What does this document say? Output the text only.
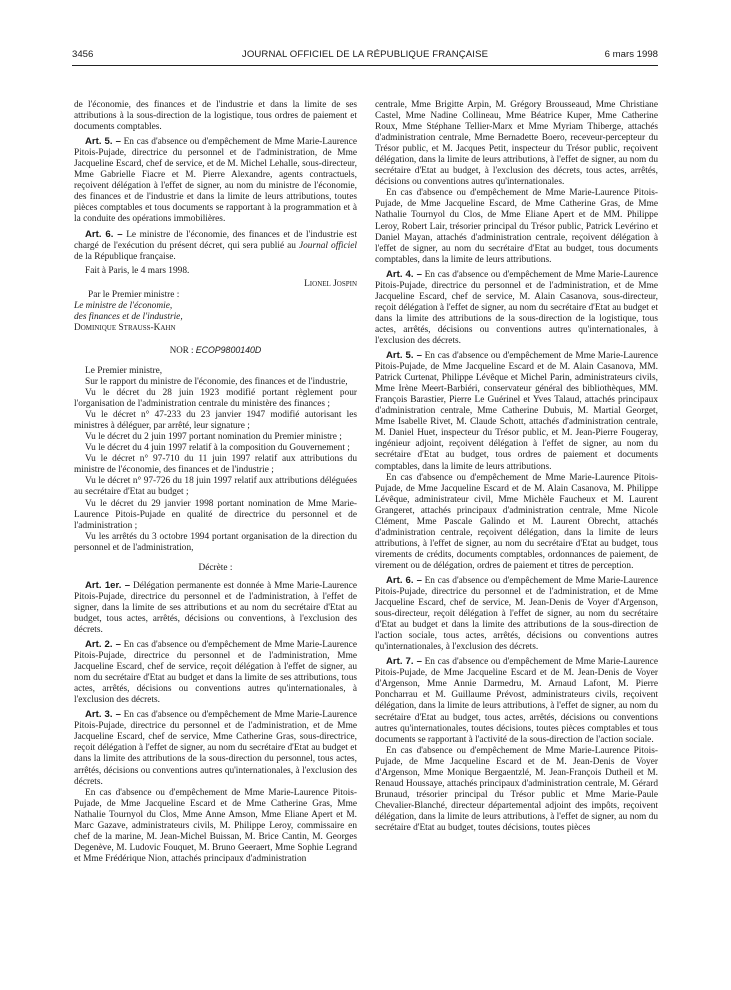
3456	JOURNAL OFFICIEL DE LA RÉPUBLIQUE FRANÇAISE	6 mars 1998

de l'économie, des finances et de l'industrie et dans la limite de ses attributions à la sous-direction de la logistique, tous ordres de paiement et documents comptables.

Art. 5. – En cas d'absence ou d'empêchement de Mme Marie-Laurence Pitois-Pujade, directrice du personnel et de l'administration, de Mme Jacqueline Escard, chef de service, et de M. Michel Lehalle, sous-directeur, Mme Gabrielle Fiacre et M. Pierre Alexandre, agents contractuels, reçoivent délégation à l'effet de signer, au nom du ministre de l'économie, des finances et de l'industrie et dans la limite de leurs attributions, toutes pièces comptables et tous documents se rapportant à la programmation et à la conduite des opérations immobilières.

Art. 6. – Le ministre de l'économie, des finances et de l'industrie est chargé de l'exécution du présent décret, qui sera publié au Journal officiel de la République française.

Fait à Paris, le 4 mars 1998.

Lionel Jospin

Par le Premier ministre :

Le ministre de l'économie,

des finances et de l'industrie,

Dominique Strauss-Kahn

NOR : ECOP9800140D

Le Premier ministre,

Sur le rapport du ministre de l'économie, des finances et de l'industrie,

Vu le décret du 28 juin 1923 modifié portant règlement pour l'organisation de l'administration centrale du ministère des finances ;

Vu le décret n° 47-233 du 23 janvier 1947 modifié autorisant les ministres à déléguer, par arrêté, leur signature ;

Vu le décret du 2 juin 1997 portant nomination du Premier ministre ;

Vu le décret du 4 juin 1997 relatif à la composition du Gouvernement ;

Vu le décret n° 97-710 du 11 juin 1997 relatif aux attributions du ministre de l'économie, des finances et de l'industrie ;

Vu le décret n° 97-726 du 18 juin 1997 relatif aux attributions déléguées au secrétaire d'Etat au budget ;

Vu le décret du 29 janvier 1998 portant nomination de Mme Marie-Laurence Pitois-Pujade en qualité de directrice du personnel et de l'administration ;

Vu les arrêtés du 3 octobre 1994 portant organisation de la direction du personnel et de l'administration,

Décrète :

Art. 1er. – Délégation permanente est donnée à Mme Marie-Laurence Pitois-Pujade, directrice du personnel et de l'administration, à l'effet de signer, dans la limite de ses attributions et au nom du secrétaire d'Etat au budget, tous actes, arrêtés, décisions ou conventions, à l'exclusion des décrets.

Art. 2. – En cas d'absence ou d'empêchement de Mme Marie-Laurence Pitois-Pujade, directrice du personnel et de l'administration, Mme Jacqueline Escard, chef de service, reçoit délégation à l'effet de signer, au nom du secrétaire d'Etat au budget et dans la limite de ses attributions, tous actes, arrêtés, décisions ou conventions autres qu'internationales, à l'exclusion des décrets.

Art. 3. – En cas d'absence ou d'empêchement de Mme Marie-Laurence Pitois-Pujade, directrice du personnel et de l'administration, et de Mme Jacqueline Escard, chef de service, Mme Catherine Gras, sous-directrice, reçoit délégation à l'effet de signer, au nom du secrétaire d'Etat au budget et dans la limite des attributions de la sous-direction du personnel, tous actes, arrêtés, décisions ou conventions autres qu'internationales, à l'exclusion des décrets.

En cas d'absence ou d'empêchement de Mme Marie-Laurence Pitois-Pujade, de Mme Jacqueline Escard et de Mme Catherine Gras, Mme Nathalie Tournyol du Clos, Mme Anne Amson, Mme Eliane Apert et M. Marc Gazave, administrateurs civils, M. Philippe Leroy, commissaire en chef de la marine, M. Jean-Michel Buissan, M. Brice Cantin, M. Georges Degenève, M. Ludovic Fouquet, M. Bruno Geeraert, Mme Sophie Legrand et Mme Frédérique Nion, attachés principaux d'administration

centrale, Mme Brigitte Arpin, M. Grégory Brousseaud, Mme Christiane Castel, Mme Nadine Collineau, Mme Béatrice Kuper, Mme Catherine Roux, Mme Stéphane Tellier-Marx et Mme Myriam Thiberge, attachés d'administration centrale, Mme Bernadette Boero, receveur-percepteur du Trésor public, et M. Jacques Petit, inspecteur du Trésor public, reçoivent délégation, dans la limite de leurs attributions, à l'effet de signer, au nom du secrétaire d'Etat au budget, à l'exclusion des décrets, tous actes, arrêtés, décisions ou conventions autres qu'internationales.

En cas d'absence ou d'empêchement de Mme Marie-Laurence Pitois-Pujade, de Mme Jacqueline Escard, de Mme Catherine Gras, de Mme Nathalie Tournyol du Clos, de Mme Eliane Apert et de MM. Philippe Leroy, Robert Lair, trésorier principal du Trésor public, Patrick Levérino et Daniel Mayan, attachés d'administration centrale, reçoivent délégation à l'effet de signer, au nom du secrétaire d'Etat au budget, tous documents comptables, dans la limite de leurs attributions.

Art. 4. – En cas d'absence ou d'empêchement de Mme Marie-Laurence Pitois-Pujade, directrice du personnel et de l'administration, et de Mme Jacqueline Escard, chef de service, M. Alain Casanova, sous-directeur, reçoit délégation à l'effet de signer, au nom du secrétaire d'Etat au budget et dans la limite des attributions de la sous-direction de la logistique, tous actes, arrêtés, décisions ou conventions autres qu'internationales, à l'exclusion des décrets.

Art. 5. – En cas d'absence ou d'empêchement de Mme Marie-Laurence Pitois-Pujade, de Mme Jacqueline Escard et de M. Alain Casanova, MM. Patrick Curtenat, Philippe Lévêque et Michel Parin, administrateurs civils, Mme Irène Meert-Barbiéri, conservateur général des bibliothèques, MM. François Barastier, Pierre Le Guérinel et Yves Talaud, attachés principaux d'administration centrale, Mme Catherine Dubuis, M. Martial Georget, Mme Isabelle Rivet, M. Claude Schott, attachés d'administration centrale, M. Daniel Huet, inspecteur du Trésor public, et M. Jean-Pierre Fougeray, ingénieur adjoint, reçoivent délégation à l'effet de signer, au nom du secrétaire d'Etat au budget, tous ordres de paiement et documents comptables, dans la limite de leurs attributions.

En cas d'absence ou d'empêchement de Mme Marie-Laurence Pitois-Pujade, de Mme Jacqueline Escard et de M. Alain Casanova, M. Philippe Lévêque, administrateur civil, Mme Michèle Faucheux et M. Laurent Grangeret, attachés principaux d'administration centrale, Mme Nicole Clément, Mme Pascale Galindo et M. Laurent Obrecht, attachés d'administration centrale, reçoivent délégation, dans la limite de leurs attributions, à l'effet de signer, au nom du secrétaire d'Etat au budget, tous virements de crédits, documents comptables, ordonnances de paiement, de virement ou de délégation, ordres de paiement et titres de perception.

Art. 6. – En cas d'absence ou d'empêchement de Mme Marie-Laurence Pitois-Pujade, directrice du personnel et de l'administration, et de Mme Jacqueline Escard, chef de service, M. Jean-Denis de Voyer d'Argenson, sous-directeur, reçoit délégation à l'effet de signer, au nom du secrétaire d'Etat au budget et dans la limite des attributions de la sous-direction de l'action sociale, tous actes, arrêtés, décisions ou conventions autres qu'internationales, à l'exclusion des décrets.

Art. 7. – En cas d'absence ou d'empêchement de Mme Marie-Laurence Pitois-Pujade, de Mme Jacqueline Escard et de M. Jean-Denis de Voyer d'Argenson, Mme Annie Darmedru, M. Arnaud Lafont, M. Pierre Poncharrau et M. Guillaume Prévost, administrateurs civils, reçoivent délégation, dans la limite de leurs attributions, à l'effet de signer, au nom du secrétaire d'Etat au budget, tous actes, arrêtés, décisions ou conventions autres qu'internationales, toutes décisions, toutes pièces comptables et tous documents se rapportant à l'activité de la sous-direction de l'action sociale.

En cas d'absence ou d'empêchement de Mme Marie-Laurence Pitois-Pujade, de Mme Jacqueline Escard et de M. Jean-Denis de Voyer d'Argenson, Mme Monique Bergaentzlé, M. Jean-François Dutheil et M. Renaud Houssaye, attachés principaux d'administration centrale, M. Gérard Brunaud, trésorier principal du Trésor public et Mme Marie-Paule Chevalier-Blanché, directeur départemental adjoint des impôts, reçoivent délégation, dans la limite de leurs attributions, à l'effet de signer, au nom du secrétaire d'Etat au budget, toutes décisions, toutes pièces
